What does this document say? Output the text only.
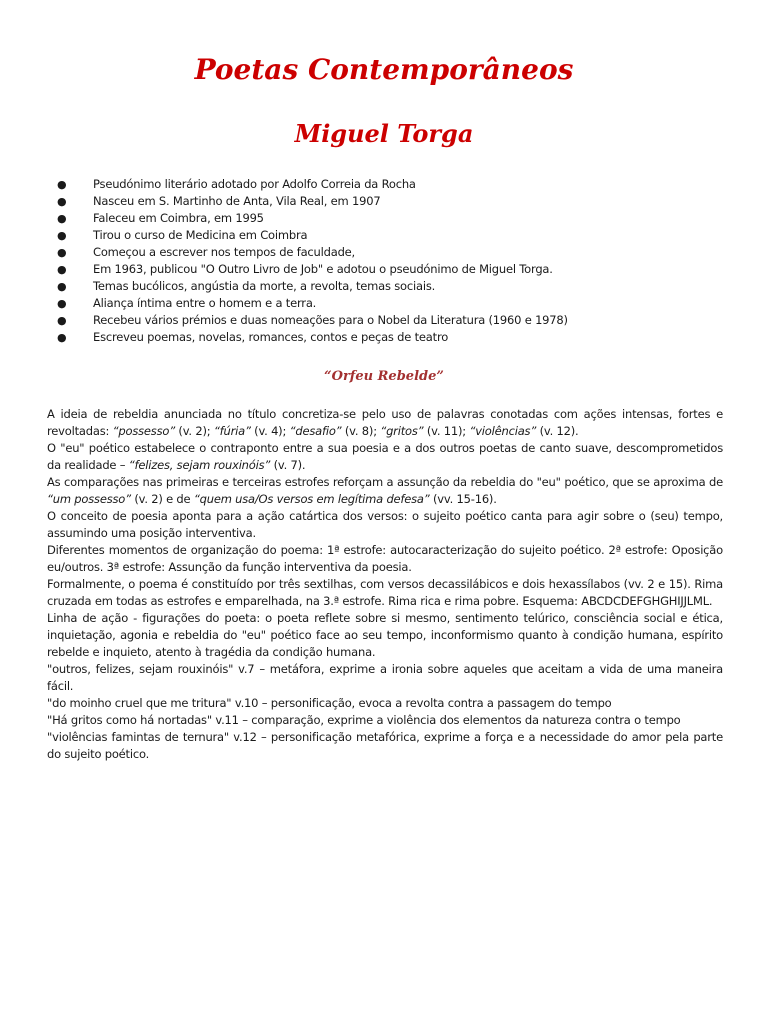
Poetas Contemporâneos
Miguel Torga
● Pseudónimo literário adotado por Adolfo Correia da Rocha
● Nasceu em S. Martinho de Anta, Vila Real, em 1907
● Faleceu em Coimbra, em 1995
● Tirou o curso de Medicina em Coimbra
● Começou a escrever nos tempos de faculdade,
● Em 1963, publicou "O Outro Livro de Job" e adotou o pseudónimo de Miguel Torga.
● Temas bucólicos, angústia da morte, a revolta, temas sociais.
● Aliança íntima entre o homem e a terra.
● Recebeu vários prémios e duas nomeações para o Nobel da Literatura (1960 e 1978)
● Escreveu poemas, novelas, romances, contos e peças de teatro
“Orfeu Rebelde”

A ideia de rebeldia anunciada no título concretiza-se pelo uso de palavras conotadas com ações intensas, fortes e revoltadas: “possesso” (v. 2); “fúria” (v. 4); “desafio” (v. 8); “gritos” (v. 11); “violências” (v. 12).

O "eu" poético estabelece o contraponto entre a sua poesia e a dos outros poetas de canto suave, descomprometidos da realidade – “felizes, sejam rouxinóis” (v. 7).

As comparações nas primeiras e terceiras estrofes reforçam a assunção da rebeldia do "eu" poético, que se aproxima de “um possesso” (v. 2) e de “quem usa/Os versos em legítima defesa” (vv. 15-16).

O conceito de poesia aponta para a ação catártica dos versos: o sujeito poético canta para agir sobre o (seu) tempo, assumindo uma posição interventiva.

Diferentes momentos de organização do poema: 1ª estrofe: autocaracterização do sujeito poético. 2ª estrofe: Oposição eu/outros. 3ª estrofe: Assunção da função interventiva da poesia.

Formalmente, o poema é constituído por três sextilhas, com versos decassilábicos e dois hexassílabos (vv. 2 e 15). Rima cruzada em todas as estrofes e emparelhada, na 3.ª estrofe. Rima rica e rima pobre. Esquema: ABCDCDEFGHGHIJJLML.

Linha de ação - figurações do poeta: o poeta reflete sobre si mesmo, sentimento telúrico, consciência social e ética, inquietação, agonia e rebeldia do "eu" poético face ao seu tempo, inconformismo quanto à condição humana, espírito rebelde e inquieto, atento à tragédia da condição humana.

"outros, felizes, sejam rouxinóis" v.7 – metáfora, exprime a ironia sobre aqueles que aceitam a vida de uma maneira fácil.

"do moinho cruel que me tritura" v.10 – personificação, evoca a revolta contra a passagem do tempo

"Há gritos como há nortadas" v.11 – comparação, exprime a violência dos elementos da natureza contra o tempo

"violências famintas de ternura" v.12 – personificação metafórica, exprime a força e a necessidade do amor pela parte do sujeito poético.
